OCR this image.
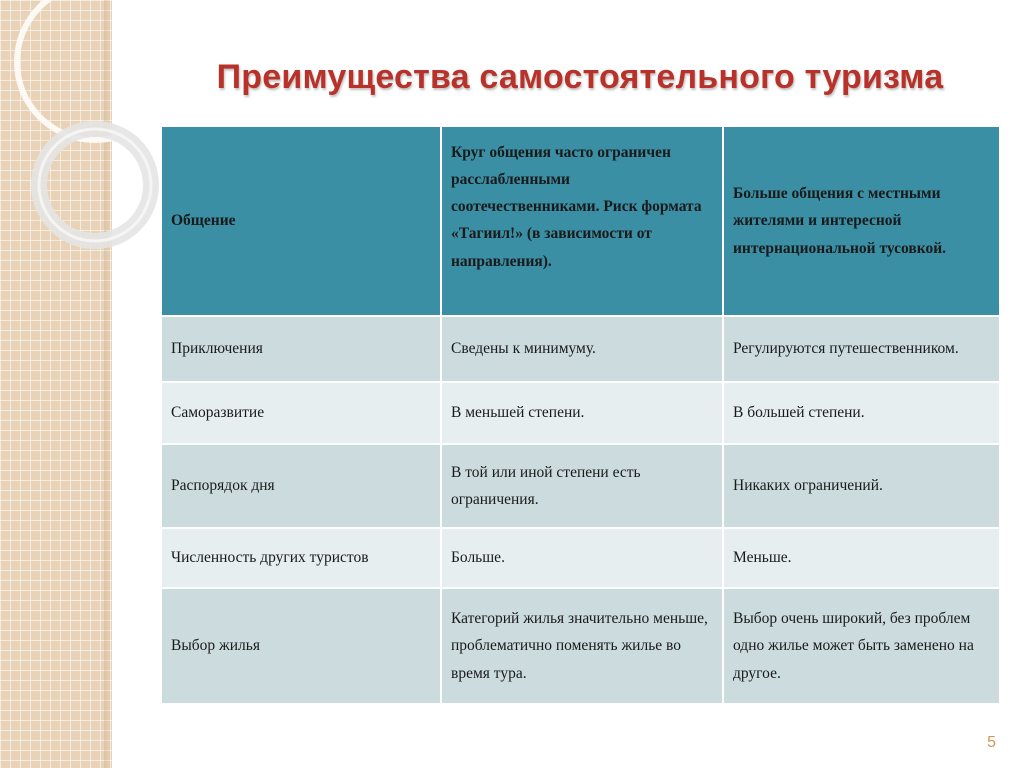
Преимущества самостоятельного туризма
Общение	Круг общения часто ограничен расслабленными соотечественниками. Риск формата «Тагиил!» (в зависимости от направления).	Больше общения с местными жителями и интересной интернациональной тусовкой.
Приключения	Сведены к минимуму.	Регулируются путешественником.
Саморазвитие	В меньшей степени.	В большей степени.
Распорядок дня	В той или иной степени есть ограничения.	Никаких ограничений.
Численность других туристов	Больше.	Меньше.
Выбор жилья	Категорий жилья значительно меньше, проблематично поменять жилье во время тура.	Выбор очень широкий, без проблем одно жилье может быть заменено на другое.
5
